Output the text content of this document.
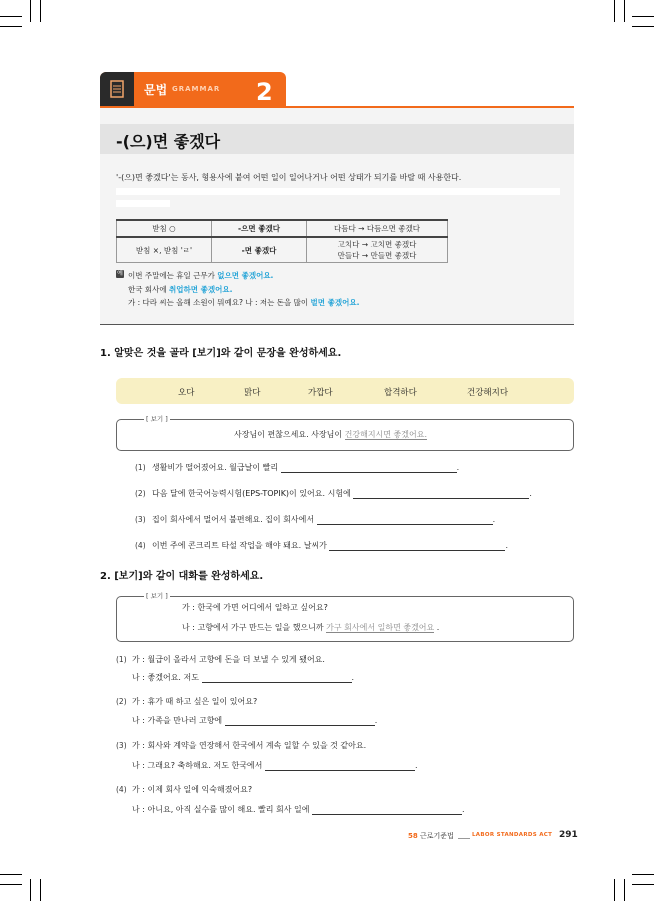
문법 GRAMMAR 2
-(으)면 좋겠다
'-(으)면 좋겠다'는 동사, 형용사에 붙여 어떤 일이 일어나거나 어떤 상태가 되기를 바랄 때 사용한다.
받침 ○	-으면 좋겠다	다듬다 → 다듬으면 좋겠다
받침 ×, 받침 'ㄹ'	-면 좋겠다	고치다 → 고치면 좋겠다
만들다 → 만들면 좋겠다
예 이번 주말에는 휴일 근무가 없으면 좋겠어요.
한국 회사에 취업하면 좋겠어요.
가 : 다라 씨는 올해 소원이 뭐예요? 나 : 저는 돈을 많이 벌면 좋겠어요.
1. 알맞은 것을 골라 [보기]와 같이 문장을 완성하세요.
오다	맑다	가깝다	합격하다	건강해지다
[ 보기 ]
사장님이 편찮으세요. 사장님이 건강해지시면 좋겠어요.
(1) 생활비가 떨어졌어요. 월급날이 빨리	.
(2) 다음 달에 한국어능력시험(EPS-TOPIK)이 있어요. 시험에	.
(3) 집이 회사에서 멀어서 불편해요. 집이 회사에서	.
(4) 이번 주에 콘크리트 타설 작업을 해야 돼요. 날씨가	.
2. [보기]와 같이 대화를 완성하세요.
[ 보기 ]
가 : 한국에 가면 어디에서 일하고 싶어요?
나 : 고향에서 가구 만드는 일을 했으니까 가구 회사에서 일하면 좋겠어요 .
(1) 가 : 월급이 올라서 고향에 돈을 더 보낼 수 있게 됐어요.
나 : 좋겠어요. 저도	.
(2) 가 : 휴가 때 하고 싶은 일이 있어요?
나 : 가족을 만나러 고향에	.
(3) 가 : 회사와 계약을 연장해서 한국에서 계속 일할 수 있을 것 같아요.
나 : 그래요? 축하해요. 저도 한국에서	.
(4) 가 : 이제 회사 일에 익숙해졌어요?
나 : 아니요, 아직 실수를 많이 해요. 빨리 회사 일에	.
58 근로기준법	LABOR STANDARDS ACT 291
